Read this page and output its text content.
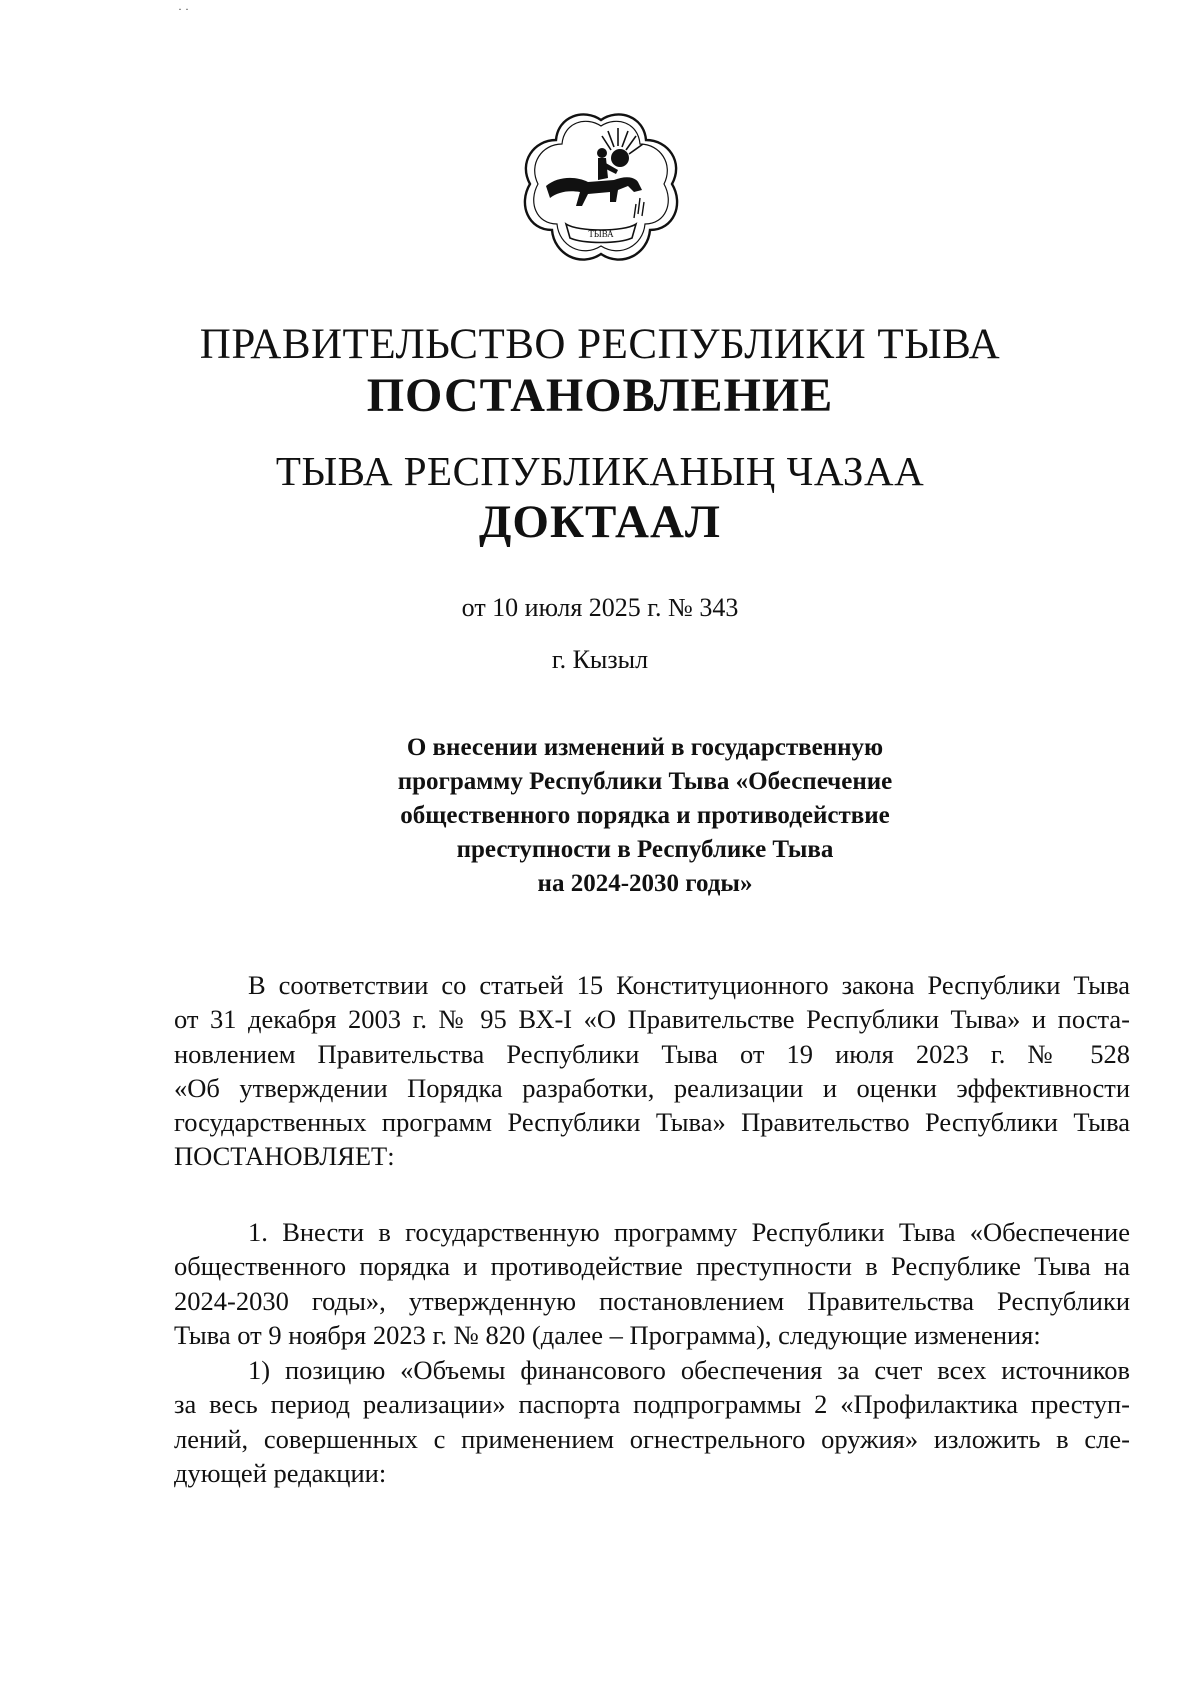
· ·
ТЫВА
ПРАВИТЕЛЬСТВО РЕСПУБЛИКИ ТЫВА
ПОСТАНОВЛЕНИЕ
ТЫВА РЕСПУБЛИКАНЫҢ ЧАЗАА
ДОКТААЛ
от 10 июля 2025 г. № 343
г. Кызыл
О внесении изменений в государственную
программу Республики Тыва «Обеспечение
общественного порядка и противодействие
преступности в Республике Тыва
на 2024-2030 годы»
В соответствии со статьей 15 Конституционного закона Республики Тыва
от 31 декабря 2003 г. № 95 ВХ-І «О Правительстве Республики Тыва» и поста-
новлением Правительства Республики Тыва от 19 июля 2023 г. № 528
«Об утверждении Порядка разработки, реализации и оценки эффективности
государственных программ Республики Тыва» Правительство Республики Тыва
ПОСТАНОВЛЯЕТ:
1. Внести в государственную программу Республики Тыва «Обеспечение
общественного порядка и противодействие преступности в Республике Тыва на
2024-2030 годы», утвержденную постановлением Правительства Республики
Тыва от 9 ноября 2023 г. № 820 (далее – Программа), следующие изменения:
1) позицию «Объемы финансового обеспечения за счет всех источников
за весь период реализации» паспорта подпрограммы 2 «Профилактика преступ-
лений, совершенных с применением огнестрельного оружия» изложить в сле-
дующей редакции:
